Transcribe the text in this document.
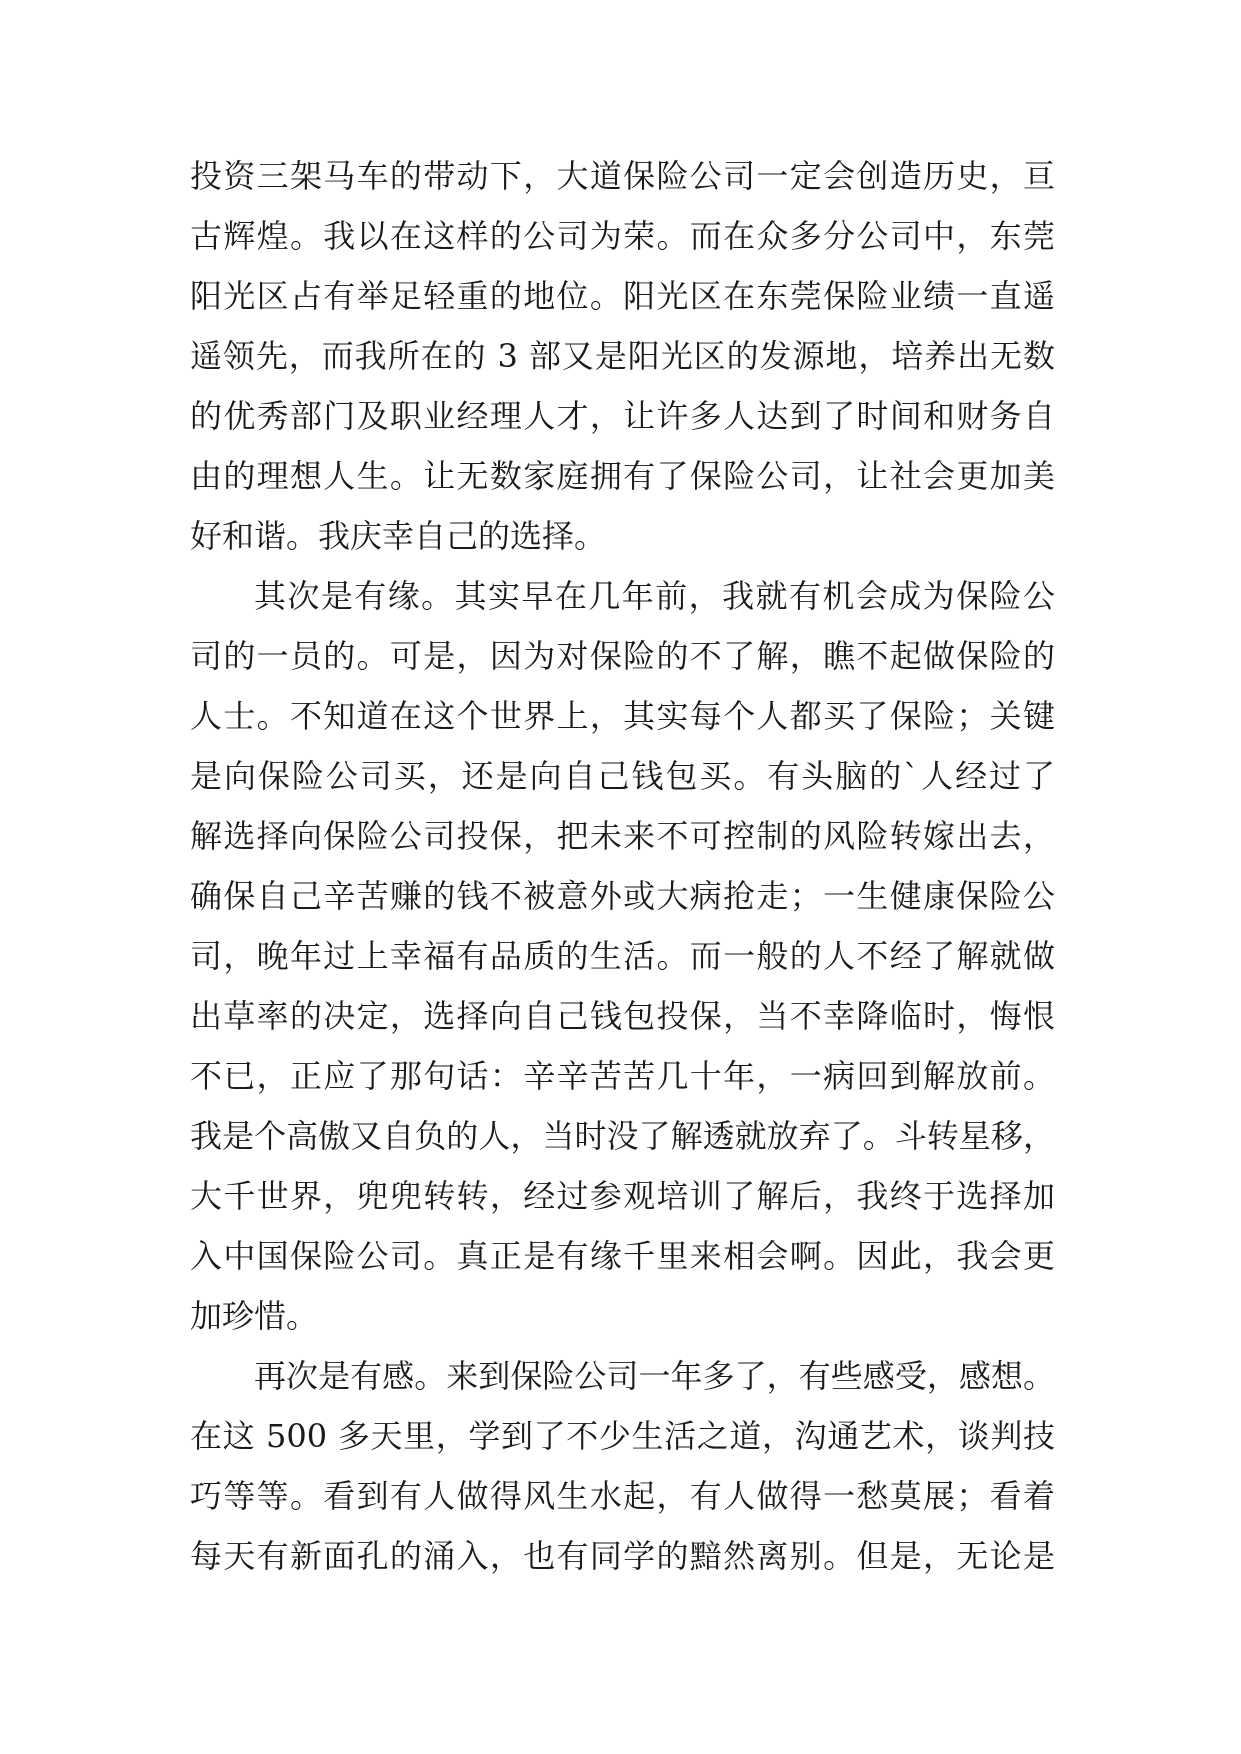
投资三架马车的带动下，大道保险公司一定会创造历史，亘
古辉煌。我以在这样的公司为荣。而在众多分公司中，东莞
阳光区占有举足轻重的地位。阳光区在东莞保险业绩一直遥
遥领先，而我所在的 3 部又是阳光区的发源地，培养出无数
的优秀部门及职业经理人才，让许多人达到了时间和财务自
由的理想人生。让无数家庭拥有了保险公司，让社会更加美
好和谐。我庆幸自己的选择。
其次是有缘。其实早在几年前，我就有机会成为保险公
司的一员的。可是，因为对保险的不了解，瞧不起做保险的
人士。不知道在这个世界上，其实每个人都买了保险；关键
是向保险公司买，还是向自己钱包买。有头脑的`人经过了
解选择向保险公司投保，把未来不可控制的风险转嫁出去，
确保自己辛苦赚的钱不被意外或大病抢走；一生健康保险公
司，晚年过上幸福有品质的生活。而一般的人不经了解就做
出草率的决定，选择向自己钱包投保，当不幸降临时，悔恨
不已，正应了那句话：辛辛苦苦几十年，一病回到解放前。
我是个高傲又自负的人，当时没了解透就放弃了。斗转星移，
大千世界，兜兜转转，经过参观培训了解后，我终于选择加
入中国保险公司。真正是有缘千里来相会啊。因此，我会更
加珍惜。
再次是有感。来到保险公司一年多了，有些感受，感想。
在这 500 多天里，学到了不少生活之道，沟通艺术，谈判技
巧等等。看到有人做得风生水起，有人做得一愁莫展；看着
每天有新面孔的涌入，也有同学的黯然离别。但是，无论是
